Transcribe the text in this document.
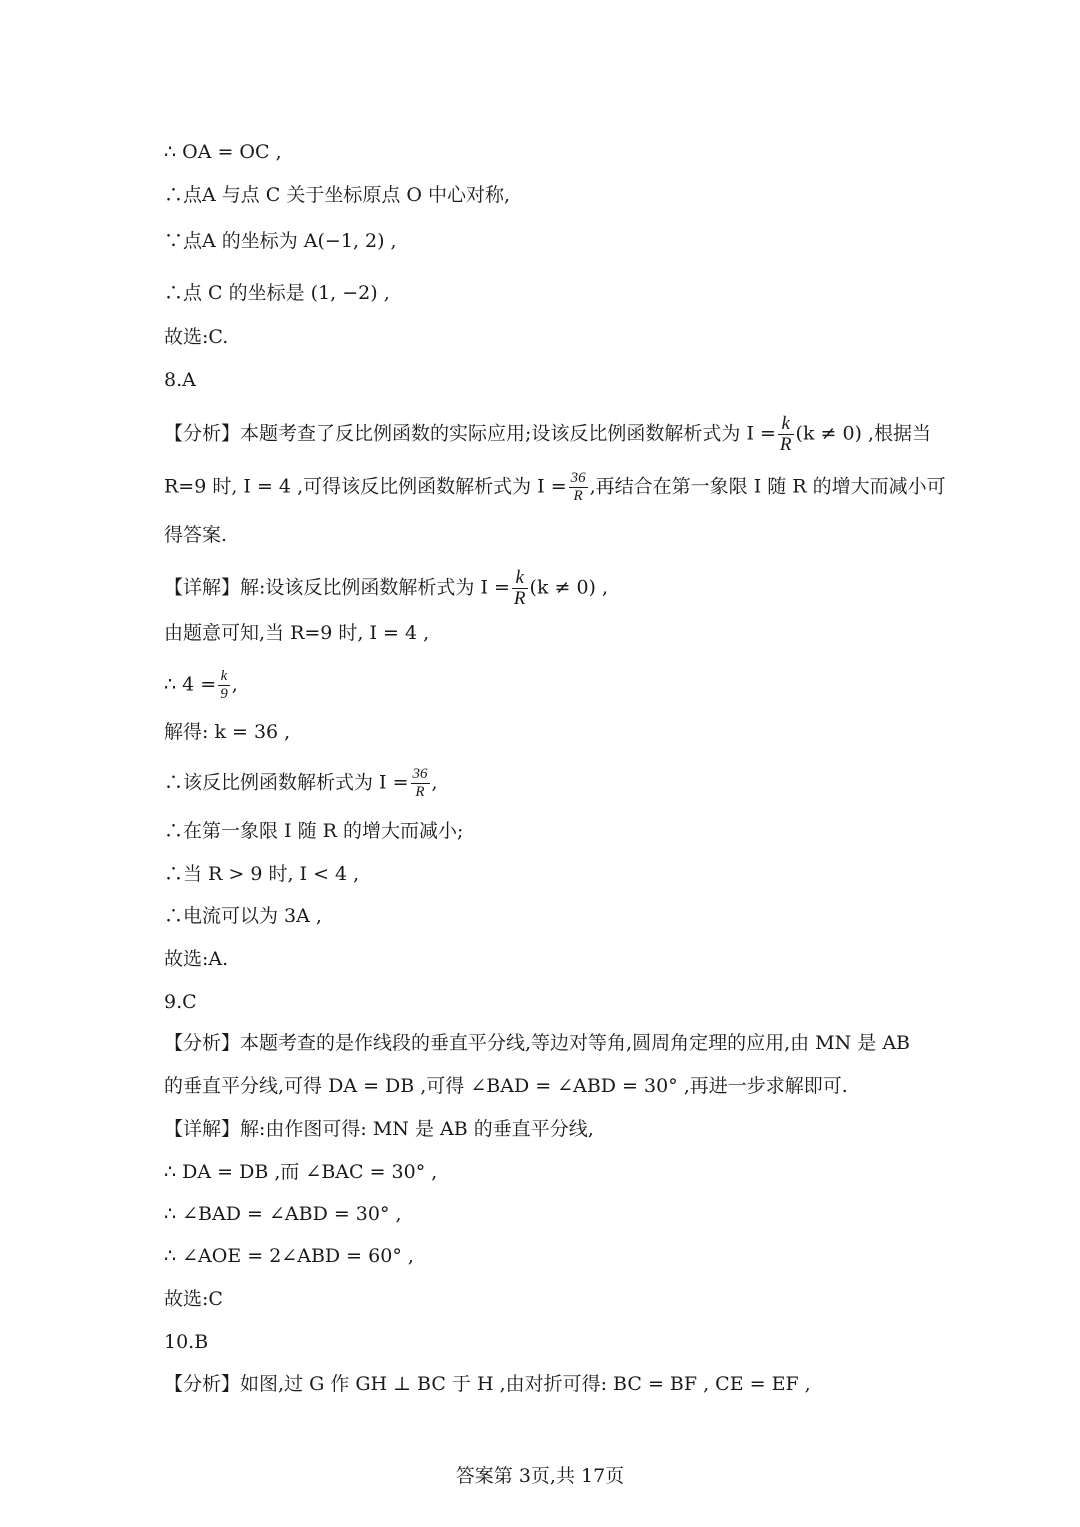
∴ OA = OC ,
∴点A 与点 C 关于坐标原点 O 中心对称,
∵点A 的坐标为 A(−1, 2) ,
∴点 C 的坐标是 (1, −2) ,
故选:C.
8.A
【分析】本题考查了反比例函数的实际应用;设该反比例函数解析式为 $I = \frac{k}{R} (k \ne 0)$ ,根据当
R=9 时, I = 4 ,可得该反比例函数解析式为 $I = \frac{36}{R}$ ,再结合在第一象限 I 随 R 的增大而减小可
得答案.
【详解】解:设该反比例函数解析式为 $I = \frac{k}{R} (k \ne 0)$ ,
由题意可知,当 R=9 时, I = 4 ,
∴ $4 = \frac{k}{9}$ ,
解得: k = 36 ,
∴该反比例函数解析式为 $I = \frac{36}{R}$ ,
∴在第一象限 I 随 R 的增大而减小;
∴当 R > 9 时, I < 4 ,
∴电流可以为 3A ,
故选:A.
9.C
【分析】本题考查的是作线段的垂直平分线,等边对等角,圆周角定理的应用,由 MN 是 AB
的垂直平分线,可得 DA = DB ,可得 ∠BAD = ∠ABD = 30° ,再进一步求解即可.
【详解】解:由作图可得: MN 是 AB 的垂直平分线,
∴ DA = DB ,而 ∠BAC = 30° ,
∴ ∠BAD = ∠ABD = 30° ,
∴ ∠AOE = 2∠ABD = 60° ,
故选:C
10.B
【分析】如图,过 G 作 GH ⊥ BC 于 H ,由对折可得: BC = BF , CE = EF ,
答案第 3页,共 17页
